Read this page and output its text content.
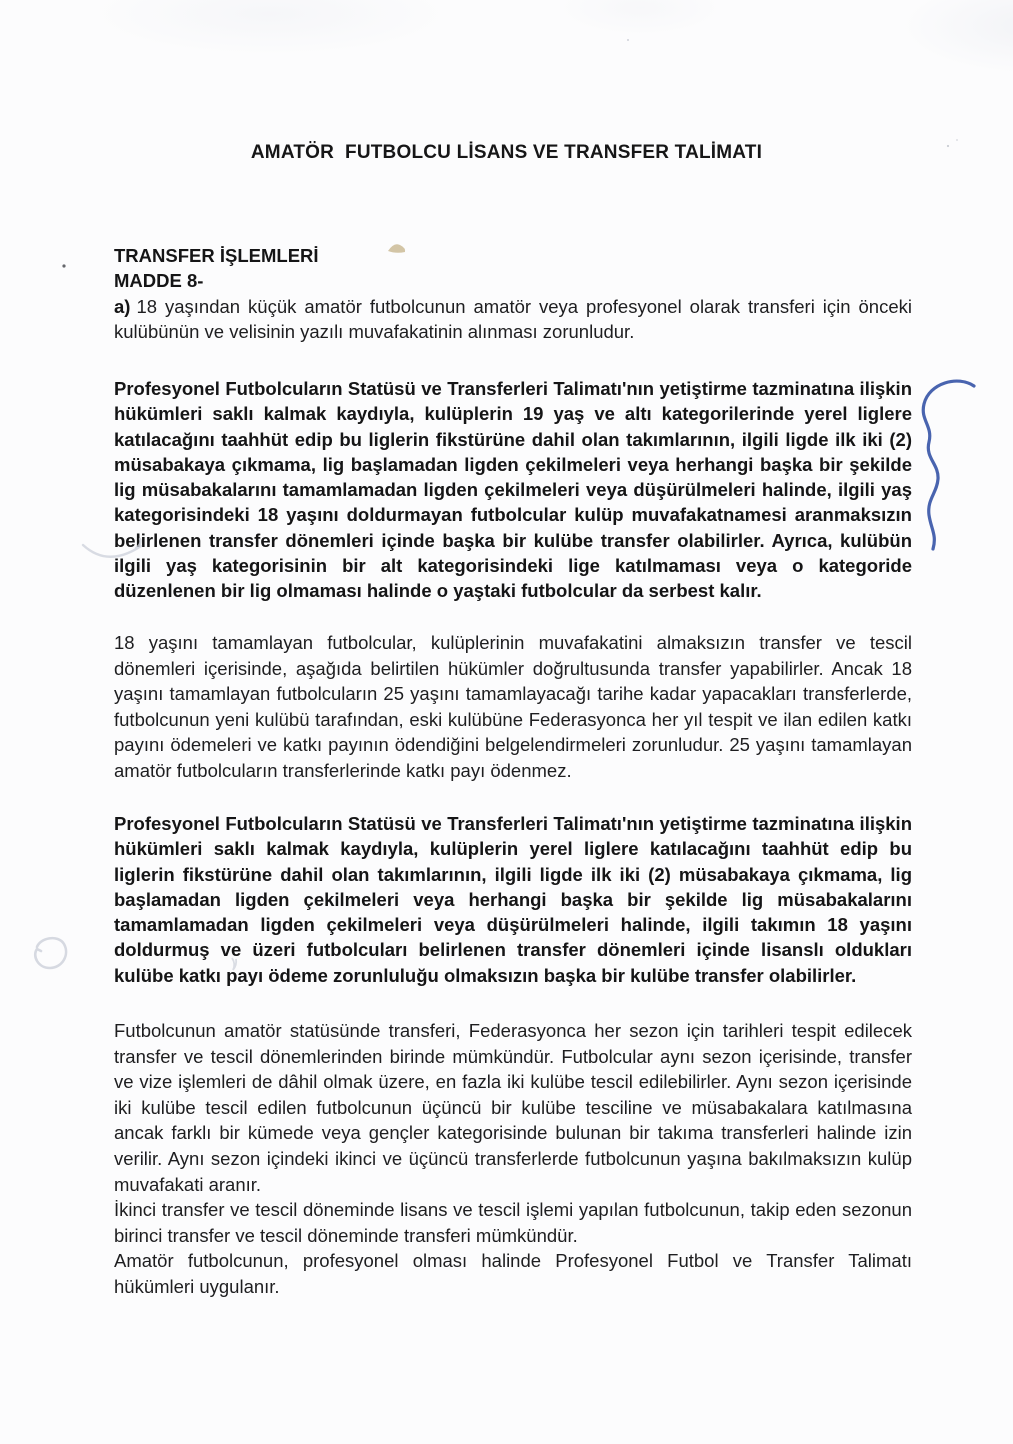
AMATÖR  FUTBOLCU LİSANS VE TRANSFER TALİMATI
TRANSFER İŞLEMLERİ
MADDE 8-

a) 18 yaşından küçük amatör futbolcunun amatör veya profesyonel olarak transferi için önceki kulübünün ve velisinin yazılı muvafakatinin alınması zorunludur.

Profesyonel Futbolcuların Statüsü ve Transferleri Talimatı'nın yetiştirme tazminatına ilişkin hükümleri saklı kalmak kaydıyla, kulüplerin 19 yaş ve altı kategorilerinde yerel liglere katılacağını taahhüt edip bu liglerin fikstürüne dahil olan takımlarının, ilgili ligde ilk iki (2) müsabakaya çıkmama, lig başlamadan ligden çekilmeleri veya herhangi başka bir şekilde lig müsabakalarını tamamlamadan ligden çekilmeleri veya düşürülmeleri halinde, ilgili yaş kategorisindeki 18 yaşını doldurmayan futbolcular kulüp muvafakatnamesi aranmaksızın belirlenen transfer dönemleri içinde başka bir kulübe transfer olabilirler. Ayrıca, kulübün ilgili yaş kategorisinin bir alt kategorisindeki lige katılmaması veya o kategoride düzenlenen bir lig olmaması halinde o yaştaki futbolcular da serbest kalır.

18 yaşını tamamlayan futbolcular, kulüplerinin muvafakatini almaksızın transfer ve tescil dönemleri içerisinde, aşağıda belirtilen hükümler doğrultusunda transfer yapabilirler. Ancak 18 yaşını tamamlayan futbolcuların 25 yaşını tamamlayacağı tarihe kadar yapacakları transferlerde, futbolcunun yeni kulübü tarafından, eski kulübüne Federasyonca her yıl tespit ve ilan edilen katkı payını ödemeleri ve katkı payının ödendiğini belgelendirmeleri zorunludur. 25 yaşını tamamlayan amatör futbolcuların transferlerinde katkı payı ödenmez.

Profesyonel Futbolcuların Statüsü ve Transferleri Talimatı'nın yetiştirme tazminatına ilişkin hükümleri saklı kalmak kaydıyla, kulüplerin yerel liglere katılacağını taahhüt edip bu liglerin fikstürüne dahil olan takımlarının, ilgili ligde ilk iki (2) müsabakaya çıkmama, lig başlamadan ligden çekilmeleri veya herhangi başka bir şekilde lig müsabakalarını tamamlamadan ligden çekilmeleri veya düşürülmeleri halinde, ilgili takımın 18 yaşını doldurmuş ve üzeri futbolcuları belirlenen transfer dönemleri içinde lisanslı oldukları kulübe katkı payı ödeme zorunluluğu olmaksızın başka bir kulübe transfer olabilirler.

Futbolcunun amatör statüsünde transferi, Federasyonca her sezon için tarihleri tespit edilecek transfer ve tescil dönemlerinden birinde mümkündür. Futbolcular aynı sezon içerisinde, transfer ve vize işlemleri de dâhil olmak üzere, en fazla iki kulübe tescil edilebilirler. Aynı sezon içerisinde iki kulübe tescil edilen futbolcunun üçüncü bir kulübe tesciline ve müsabakalara katılmasına ancak farklı bir kümede veya gençler kategorisinde bulunan bir takıma transferleri halinde izin verilir. Aynı sezon içindeki ikinci ve üçüncü transferlerde futbolcunun yaşına bakılmaksızın kulüp muvafakati aranır.

İkinci transfer ve tescil döneminde lisans ve tescil işlemi yapılan futbolcunun, takip eden sezonun birinci transfer ve tescil döneminde transferi mümkündür.

Amatör futbolcunun, profesyonel olması halinde Profesyonel Futbol ve Transfer Talimatı hükümleri uygulanır.
